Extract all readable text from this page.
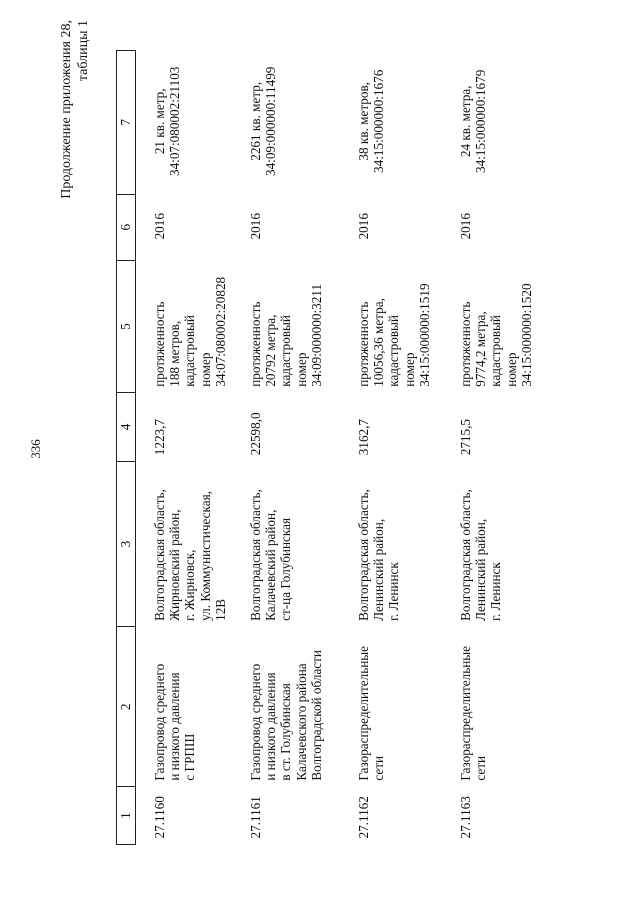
336
Продолжение приложения 28, таблицы 1
1	2	3	4	5	6	7
27.1160	Газопровод среднего и низкого давления с ГРПШ	Волгоградская область, Жирновский район, г. Жирновск, ул. Коммунистическая, 12В	1223,7	протяженность 188 метров, кадастровый номер 34:07:080002:20828	2016	21 кв. метр, 34:07:080002:21103

27.1161	Газопровод среднего и низкого давления в ст. Голубинская Калачевского района Волгоградской области	Волгоградская область, Калачевский район, ст-ца Голубинская	22598,0	протяженность 20792 метра, кадастровый номер 34:09:000000:3211	2016	2261 кв. метр, 34:09:000000:11499

27.1162	Газораспределительные сети	Волгоградская область, Ленинский район, г. Ленинск	3162,7	протяженность 10056,36 метра, кадастровый номер 34:15:000000:1519	2016	38 кв. метров, 34:15:000000:1676

27.1163	Газораспределительные сети	Волгоградская область, Ленинский район, г. Ленинск	2715,5	протяженность 9774,2 метра, кадастровый номер 34:15:000000:1520	2016	24 кв. метра, 34:15:000000:1679
